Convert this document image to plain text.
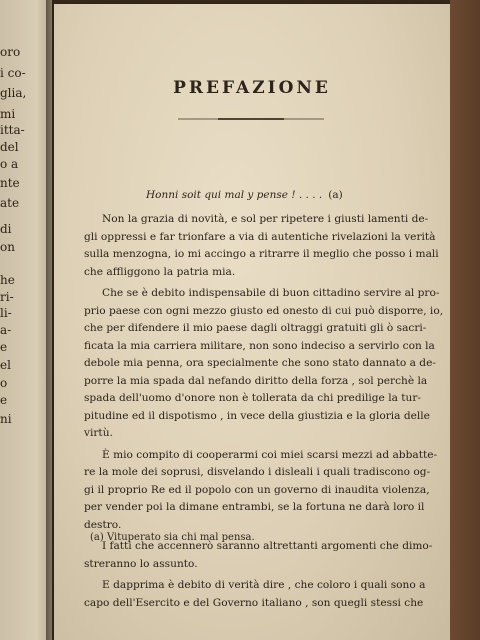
oro
i co-
glia,
mi
itta-
del
o a
nte
ate
di
on
he
ri-
li-
a-
e
el
o
e
ni
PREFAZIONE
Honni soit qui mal y pense ! . . . . (a)
Non la grazia di novità, e sol per ripetere i giusti lamenti de-
gli oppressi e far trionfare a via di autentiche rivelazioni la verità
sulla menzogna, io mi accingo a ritrarre il meglio che posso i mali
che affliggono la patria mia.
Che se è debito indispensabile di buon cittadino servire al pro-
prio paese con ogni mezzo giusto ed onesto di cui può disporre, io,
che per difendere il mio paese dagli oltraggi gratuiti gli ò sacri-
ficata la mia carriera militare, non sono indeciso a servirlo con la
debole mia penna, ora specialmente che sono stato dannato a de-
porre la mia spada dal nefando diritto della forza , sol perchè la
spada dell'uomo d'onore non è tollerata da chi predilige la tur-
pitudine ed il dispotismo , in vece della giustizia e la gloria delle
virtù.
È mio compito di cooperarmi coi miei scarsi mezzi ad abbatte-
re la mole dei soprusi, disvelando i disleali i quali tradiscono og-
gi il proprio Re ed il popolo con un governo di inaudita violenza,
per vender poi la dimane entrambi, se la fortuna ne darà loro il
destro.
I fatti che accennerò saranno altrettanti argomenti che dimo-
streranno lo assunto.
E dapprima è debito di verità dire , che coloro i quali sono a
capo dell'Esercito e del Governo italiano , son quegli stessi che
(a) Vituperato sia chi mal pensa.
